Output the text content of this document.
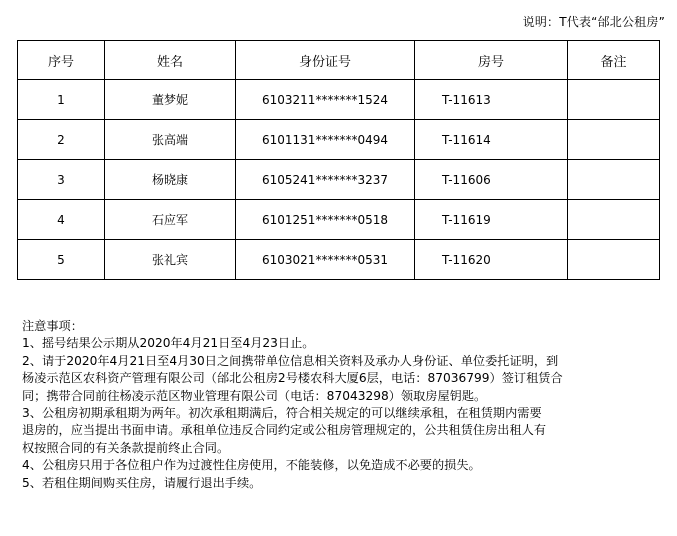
说明：T代表“邰北公租房”
序号	姓名	身份证号	房号	备注
1	董梦妮	6103211*******1524	T-11613	
2	张高端	6101131*******0494	T-11614	
3	杨晓康	6105241*******3237	T-11606	
4	石应军	6101251*******0518	T-11619	
5	张礼宾	6103021*******0531	T-11620	
注意事项：
1、摇号结果公示期从2020年4月21日至4月23日止。
2、请于2020年4月21日至4月30日之间携带单位信息相关资料及承办人身份证、单位委托证明，到
杨凌示范区农科资产管理有限公司（邰北公租房2号楼农科大厦6层，电话：87036799）签订租赁合
同；携带合同前往杨凌示范区物业管理有限公司（电话：87043298）领取房屋钥匙。
3、公租房初期承租期为两年。初次承租期满后，符合相关规定的可以继续承租，在租赁期内需要
退房的，应当提出书面申请。承租单位违反合同约定或公租房管理规定的，公共租赁住房出租人有
权按照合同的有关条款提前终止合同。
4、公租房只用于各位租户作为过渡性住房使用，不能装修，以免造成不必要的损失。
5、若租住期间购买住房，请履行退出手续。
